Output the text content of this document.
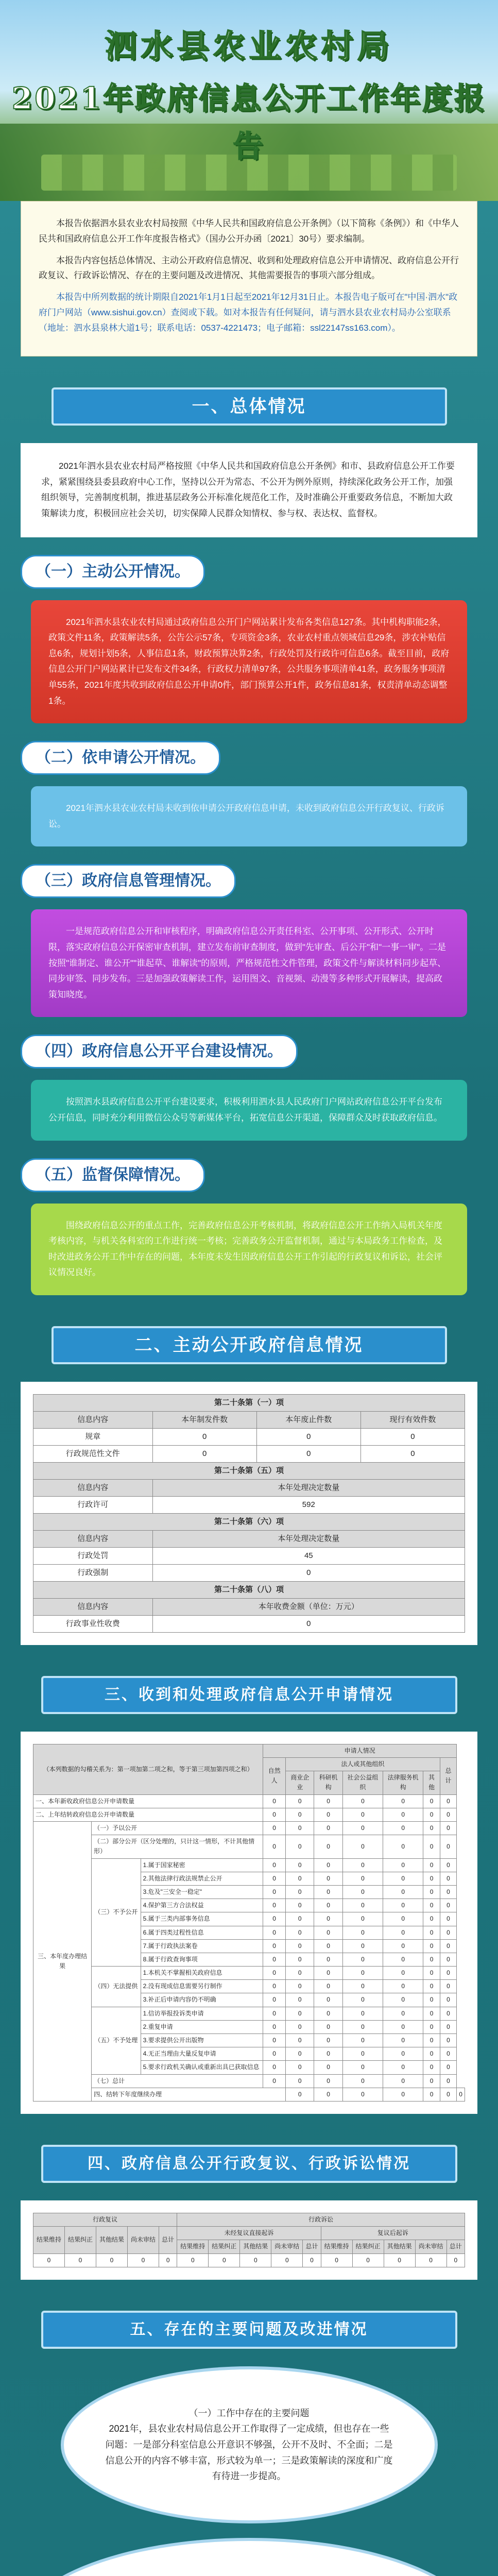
泗水县农业农村局
2021年政府信息公开工作年度报告

本报告依据泗水县农业农村局按照《中华人民共和国政府信息公开条例》（以下简称《条例》）和《中华人民共和国政府信息公开工作年度报告格式》（国办公开办函〔2021〕30号）要求编制。

本报告内容包括总体情况、主动公开政府信息情况、收到和处理政府信息公开申请情况、政府信息公开行政复议、行政诉讼情况、存在的主要问题及改进情况、其他需要报告的事项六部分组成。

本报告中所列数据的统计期限自2021年1月1日起至2021年12月31日止。本报告电子版可在"中国·泗水"政府门户网站（www.sishui.gov.cn）查阅或下载。如对本报告有任何疑问，请与泗水县农业农村局办公室联系（地址：泗水县泉林大道1号；联系电话：0537-4221473；电子邮箱：ssl22147ss163.com）。

一、总体情况

2021年泗水县农业农村局严格按照《中华人民共和国政府信息公开条例》和市、县政府信息公开工作要求，紧紧围绕县委县政府中心工作，坚持以公开为常态、不公开为例外原则，持续深化政务公开工作，加强组织领导，完善制度机制，推进基层政务公开标准化规范化工作，及时准确公开重要政务信息，不断加大政策解读力度，积极回应社会关切，切实保障人民群众知情权、参与权、表达权、监督权。

（一）主动公开情况。

2021年泗水县农业农村局通过政府信息公开门户网站累计发布各类信息127条。其中机构职能2条，政策文件11条，政策解读5条，公告公示57条，专项资金3条，农业农村重点领域信息29条，涉农补贴信息6条，规划计划5条，人事信息1条，财政预算决算2条，行政处罚及行政许可信息6条。截至目前，政府信息公开门户网站累计已发布文件34条，行政权力清单97条，公共服务事项清单41条，政务服务事项清单55条，2021年度共收到政府信息公开申请0件，部门预算公开1件，政务信息81条，权责清单动态调整1条。

（二）依申请公开情况。

2021年泗水县农业农村局未收到依申请公开政府信息申请，未收到政府信息公开行政复议、行政诉讼。

（三）政府信息管理情况。

一是规范政府信息公开和审核程序，明确政府信息公开责任科室、公开事项、公开形式、公开时限，落实政府信息公开保密审查机制，建立发布前审查制度，做到"先审查、后公开"和"一事一审"。二是按照"谁制定、谁公开""谁起草、谁解读"的原则，严格规范性文件管理，政策文件与解读材料同步起草、同步审签、同步发布。三是加强政策解读工作，运用图文、音视频、动漫等多种形式开展解读，提高政策知晓度。

（四）政府信息公开平台建设情况。

按照泗水县政府信息公开平台建设要求，积极利用泗水县人民政府门户网站政府信息公开平台发布公开信息，同时充分利用微信公众号等新媒体平台，拓宽信息公开渠道，保障群众及时获取政府信息。

（五）监督保障情况。

围绕政府信息公开的重点工作，完善政府信息公开考核机制，将政府信息公开工作纳入局机关年度考核内容，与机关各科室的工作进行统一考核；完善政务公开监督机制，通过与本局政务工作检查，及时改进政务公开工作中存在的问题，本年度未发生因政府信息公开工作引起的行政复议和诉讼，社会评议情况良好。

二、主动公开政府信息情况
第二十条第（一）项			
信息内容	本年制发件数	本年废止件数	现行有效件数
规章	0	0	0
行政规范性文件	0	0	0
第二十条第（五）项			
信息内容	本年处理决定数量		
行政许可	592		
第二十条第（六）项			
信息内容	本年处理决定数量		
行政处罚	45		
行政强制	0		
第二十条第（八）项			
信息内容	本年收费金额（单位：万元）		
行政事业性收费	0		
三、收到和处理政府信息公开申请情况
（本列数据的勾稽关系为：第一项加第二项之和，等于第三项加第四项之和）			申请人情况							
			自然人	法人或其他组织					总计	
				商业企业	科研机构	社会公益组织	法律服务机构	其他		
一、本年新收政府信息公开申请数量			0	0	0	0	0	0	0	
二、上年结转政府信息公开申请数量			0	0	0	0	0	0	0	
三、本年度办理结果	（一）予以公开		0	0	0	0	0	0	0	
	（二）部分公开（区分处理的，只计这一情形，不计其他情形）		0	0	0	0	0	0	0	
	（三）不予公开	1.属于国家秘密	0	0	0	0	0	0	0	
		2.其他法律行政法规禁止公开	0	0	0	0	0	0	0	
		3.危及"三安全一稳定"	0	0	0	0	0	0	0	
		4.保护第三方合法权益	0	0	0	0	0	0	0	
		5.属于三类内部事务信息	0	0	0	0	0	0	0	
		6.属于四类过程性信息	0	0	0	0	0	0	0	
		7.属于行政执法案卷	0	0	0	0	0	0	0	
		8.属于行政查询事项	0	0	0	0	0	0	0	
	（四）无法提供	1.本机关不掌握相关政府信息	0	0	0	0	0	0	0	
		2.没有现成信息需要另行制作	0	0	0	0	0	0	0	
		3.补正后申请内容仍不明确	0	0	0	0	0	0	0	
	（五）不予处理	1.信访举报投诉类申请	0	0	0	0	0	0	0	
		2.重复申请	0	0	0	0	0	0	0	
		3.要求提供公开出版物	0	0	0	0	0	0	0	
		4.无正当理由大量反复申请	0	0	0	0	0	0	0	
		5.要求行政机关确认或重新出具已获取信息	0	0	0	0	0	0	0	
	（七）总计		0	0	0	0	0	0	0	
	四、结转下年度继续办理			0	0	0	0	0	0	0
四、政府信息公开行政复议、行政诉讼情况
行政复议					行政诉讼									
结果维持	结果纠正	其他结果	尚未审结	总计	未经复议直接起诉					复议后起诉				
					结果维持	结果纠正	其他结果	尚未审结	总计	结果维持	结果纠正	其他结果	尚未审结	总计
0	0	0	0	0	0	0	0	0	0	0	0	0	0	0
五、存在的主要问题及改进情况

（一）工作中存在的主要问题

2021年，县农业农村局信息公开工作取得了一定成绩，但也存在一些问题：一是部分科室信息公开意识不够强，公开不及时、不全面；二是信息公开的内容不够丰富，形式较为单一；三是政策解读的深度和广度有待进一步提高。
